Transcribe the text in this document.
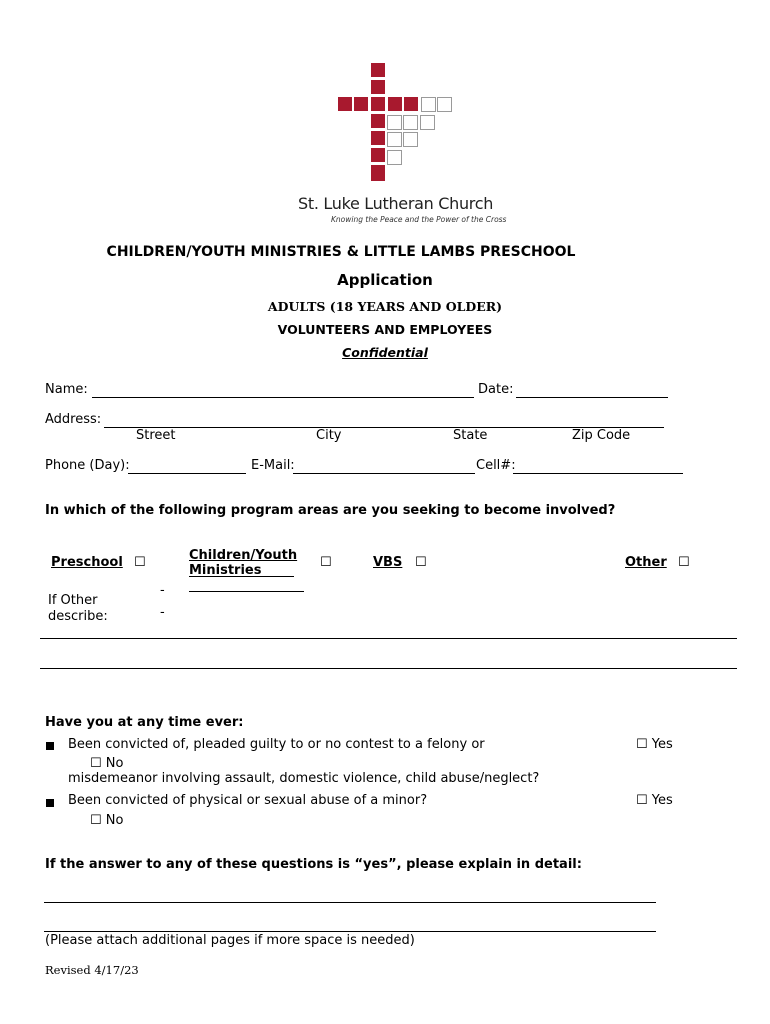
St. Luke Lutheran Church
Knowing the Peace and the Power of the Cross
CHILDREN/YOUTH MINISTRIES & LITTLE LAMBS PRESCHOOL
Application
ADULTS (18 YEARS AND OLDER)
VOLUNTEERS AND EMPLOYEES
Confidential
Name:	Date:
Address:
Street	City	State	Zip Code
Phone (Day):	E-Mail:	Cell#:
In which of the following program areas are you seeking to become involved?
Preschool ☐	Children/Youth
Ministries
☐	VBS ☐	Other ☐
If Other
describe:
-
-
Have you at any time ever:
Been convicted of, pleaded guilty to or no contest to a felony or	☐ Yes
☐ No
misdemeanor involving assault, domestic violence, child abuse/neglect?
Been convicted of physical or sexual abuse of a minor?	☐ Yes
☐ No
If the answer to any of these questions is “yes”, please explain in detail:
(Please attach additional pages if more space is needed)
Revised 4/17/23
